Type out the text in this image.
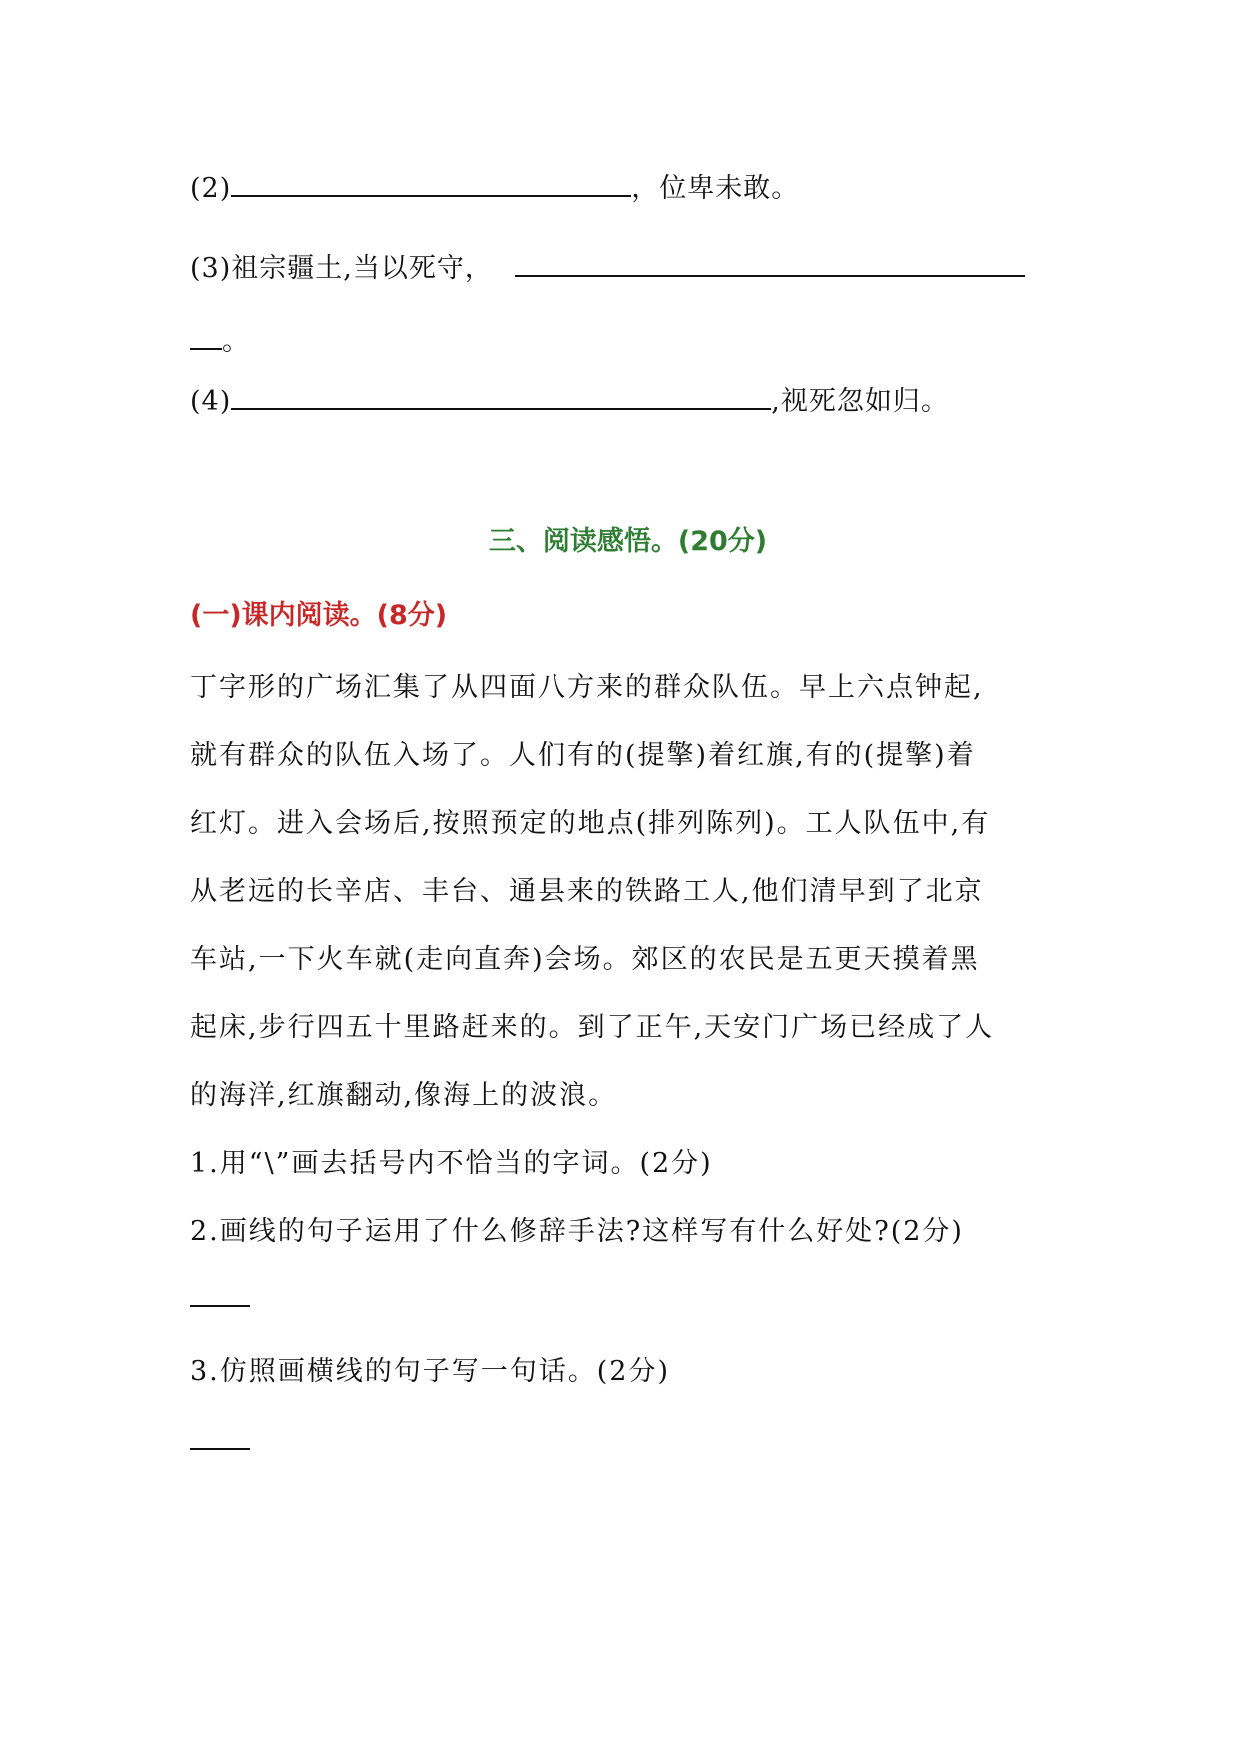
(2)	，位卑未敢。
(3)祖宗疆土,当以死守，
。
(4)	,视死忽如归。
三、阅读感悟。(20分)
(一)课内阅读。(8分)
丁字形的广场汇集了从四面八方来的群众队伍。早上六点钟起,
就有群众的队伍入场了。人们有的(提擎)着红旗,有的(提擎)着
红灯。进入会场后,按照预定的地点(排列陈列)。工人队伍中,有
从老远的长辛店、丰台、通县来的铁路工人,他们清早到了北京
车站,一下火车就(走向直奔)会场。郊区的农民是五更天摸着黑
起床,步行四五十里路赶来的。到了正午,天安门广场已经成了人
的海洋,红旗翻动,像海上的波浪。
1.用“\”画去括号内不恰当的字词。(2分)
2.画线的句子运用了什么修辞手法?这样写有什么好处?(2分)
3.仿照画横线的句子写一句话。(2分)
